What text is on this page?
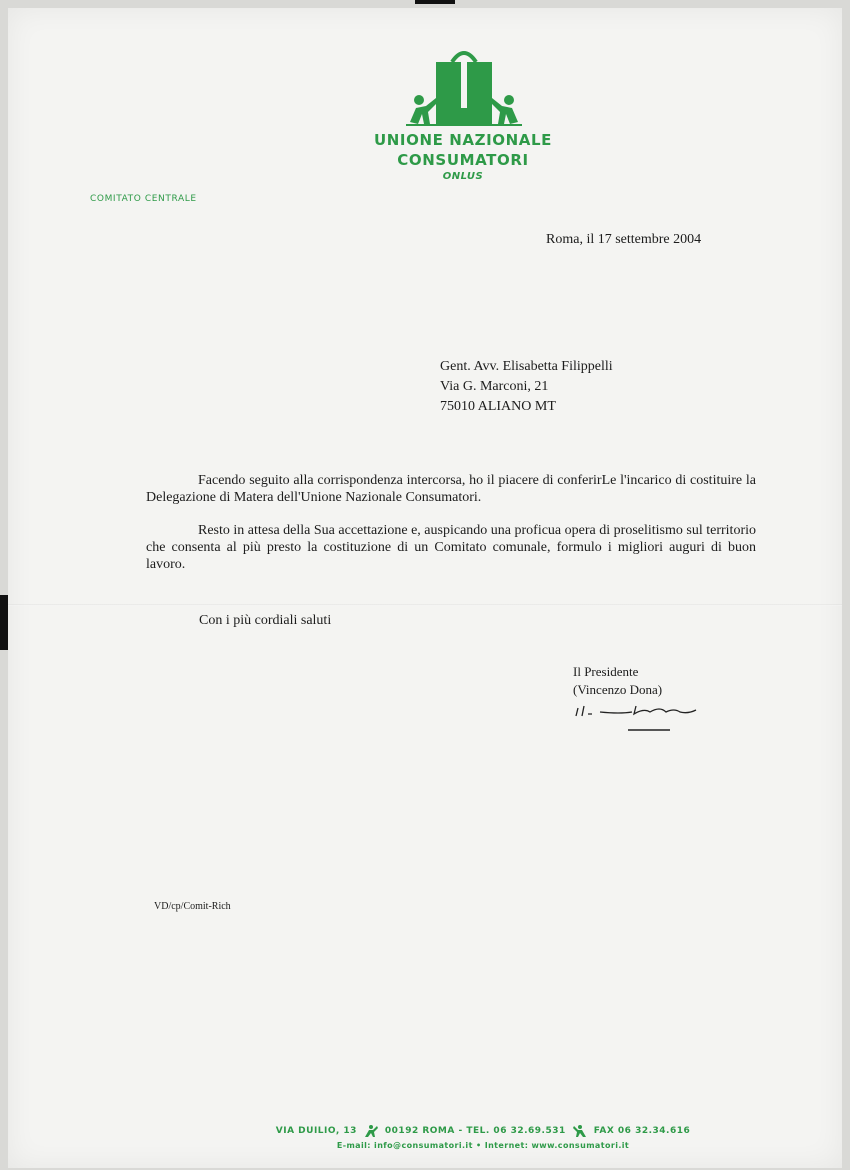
UNIONE NAZIONALE
CONSUMATORI
ONLUS
COMITATO CENTRALE
Roma, il 17 settembre 2004
Gent. Avv. Elisabetta Filippelli
Via G. Marconi, 21
75010 ALIANO MT

Facendo seguito alla corrispondenza intercorsa, ho il piacere di conferirLe l'incarico di costituire la Delegazione di Matera dell'Unione Nazionale Consumatori.

Resto in attesa della Sua accettazione e, auspicando una proficua opera di proselitismo sul territorio che consenta al più presto la costituzione di un Comitato comunale, formulo i migliori auguri di buon lavoro.

Con i più cordiali saluti
Il Presidente
(Vincenzo Dona)
VD/cp/Comit-Rich
VIA DUILIO, 13	00192 ROMA - TEL. 06 32.69.531	FAX 06 32.34.616
E-mail: info@consumatori.it • Internet: www.consumatori.it
